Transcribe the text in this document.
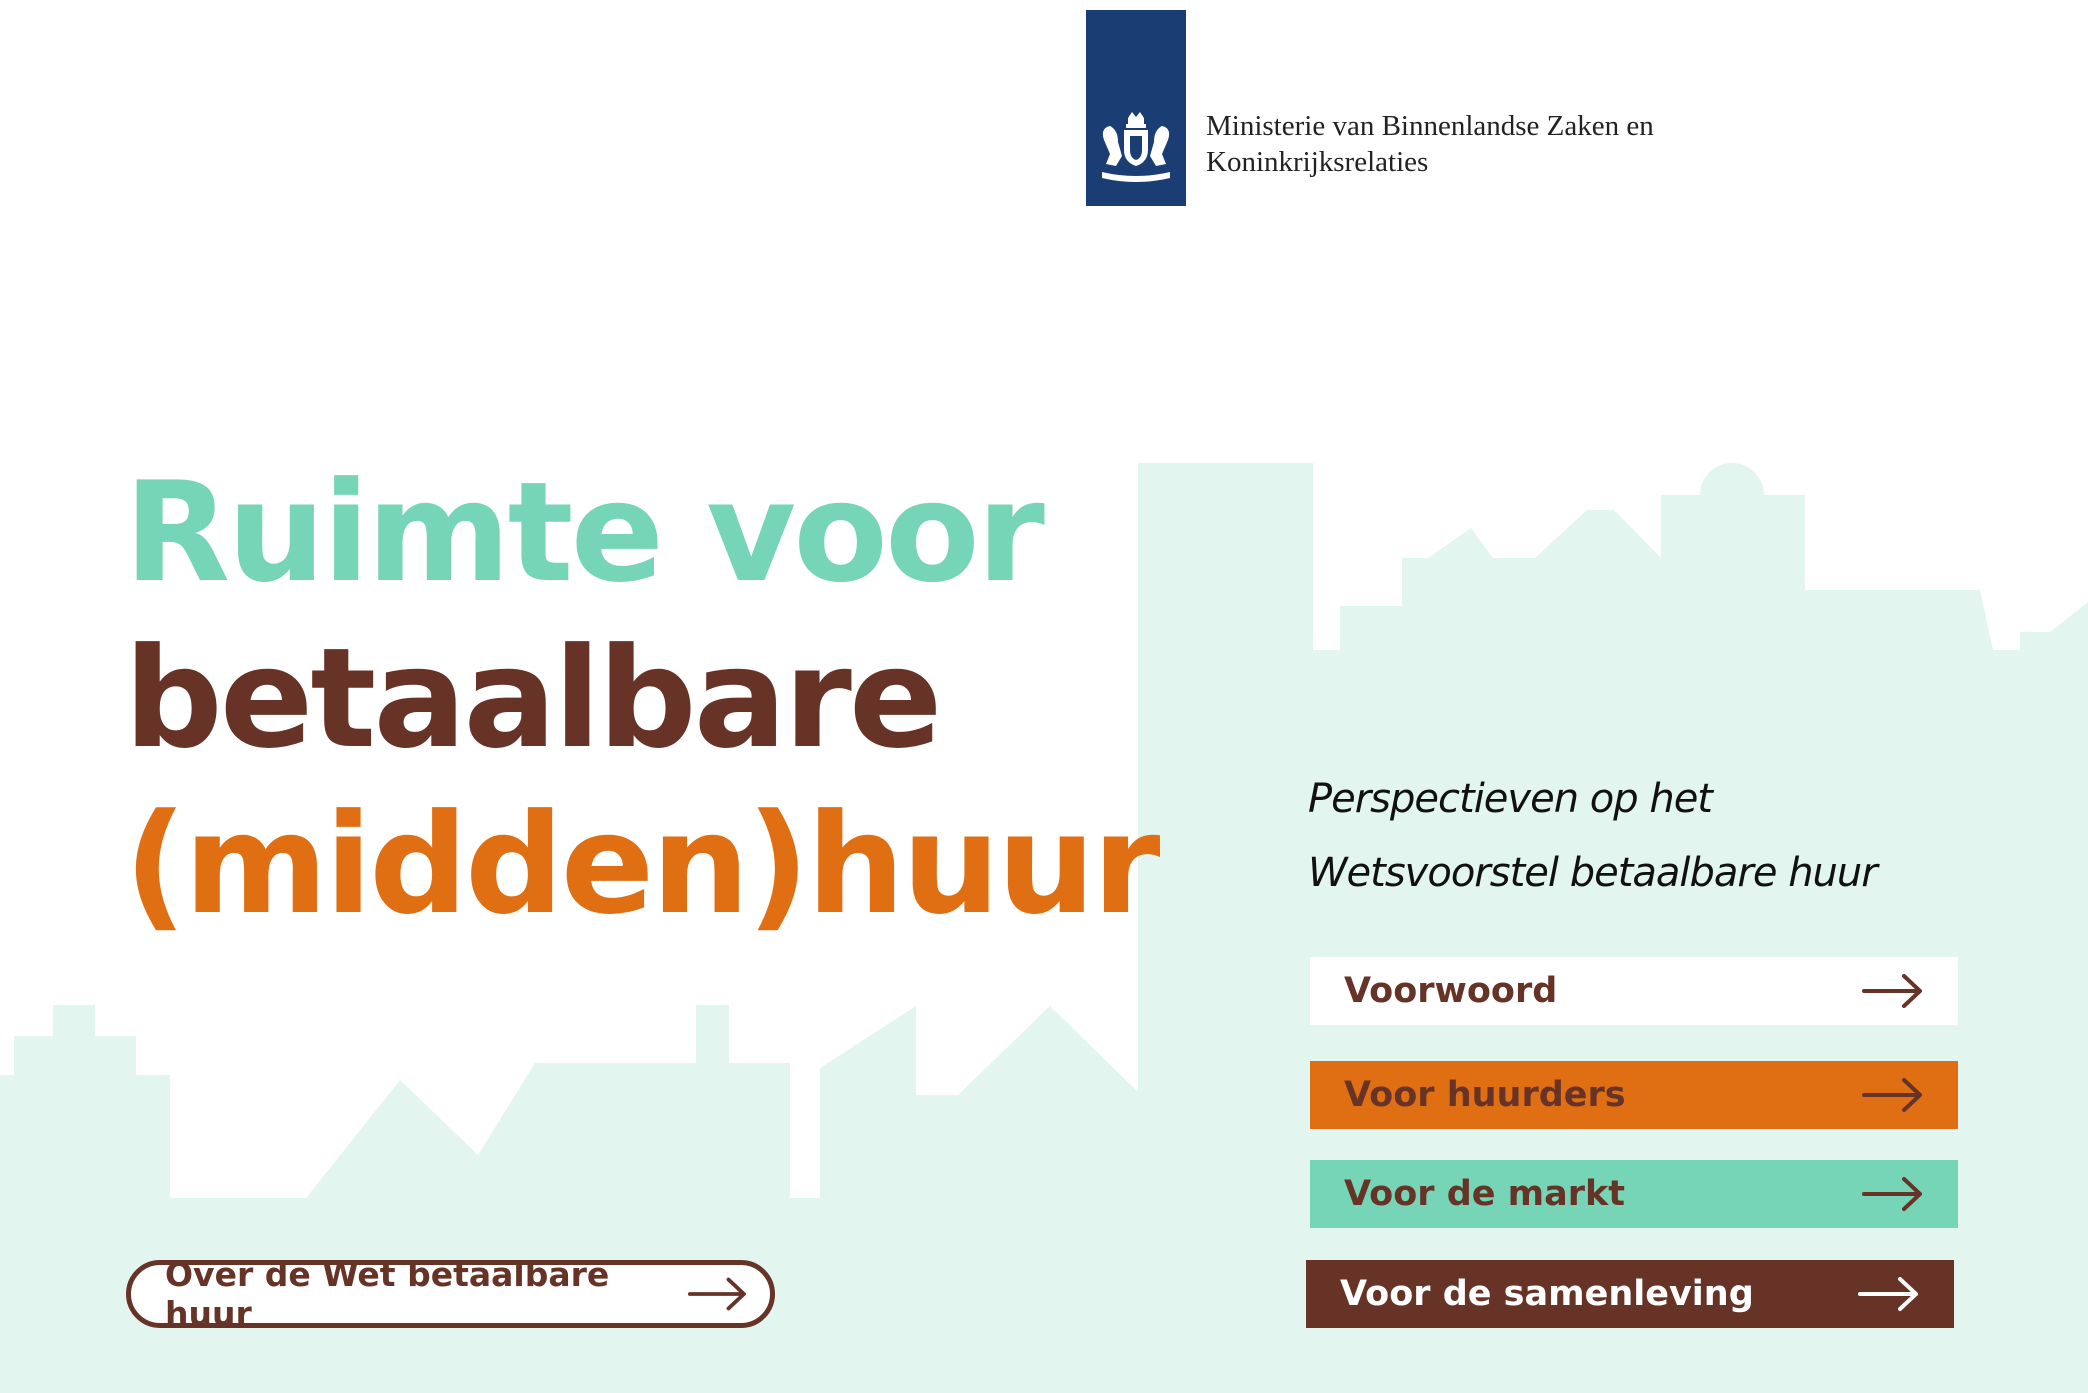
Ministerie van Binnenlandse Zaken en
Koninkrijksrelaties
Ruimte voor
betaalbare
(midden)huur	Perspectieven op het
Wetsvoorstel betaalbare huur
Voorwoord
Voor huurders
Voor de markt
Voor de samenleving
Over de Wet betaalbare huur
